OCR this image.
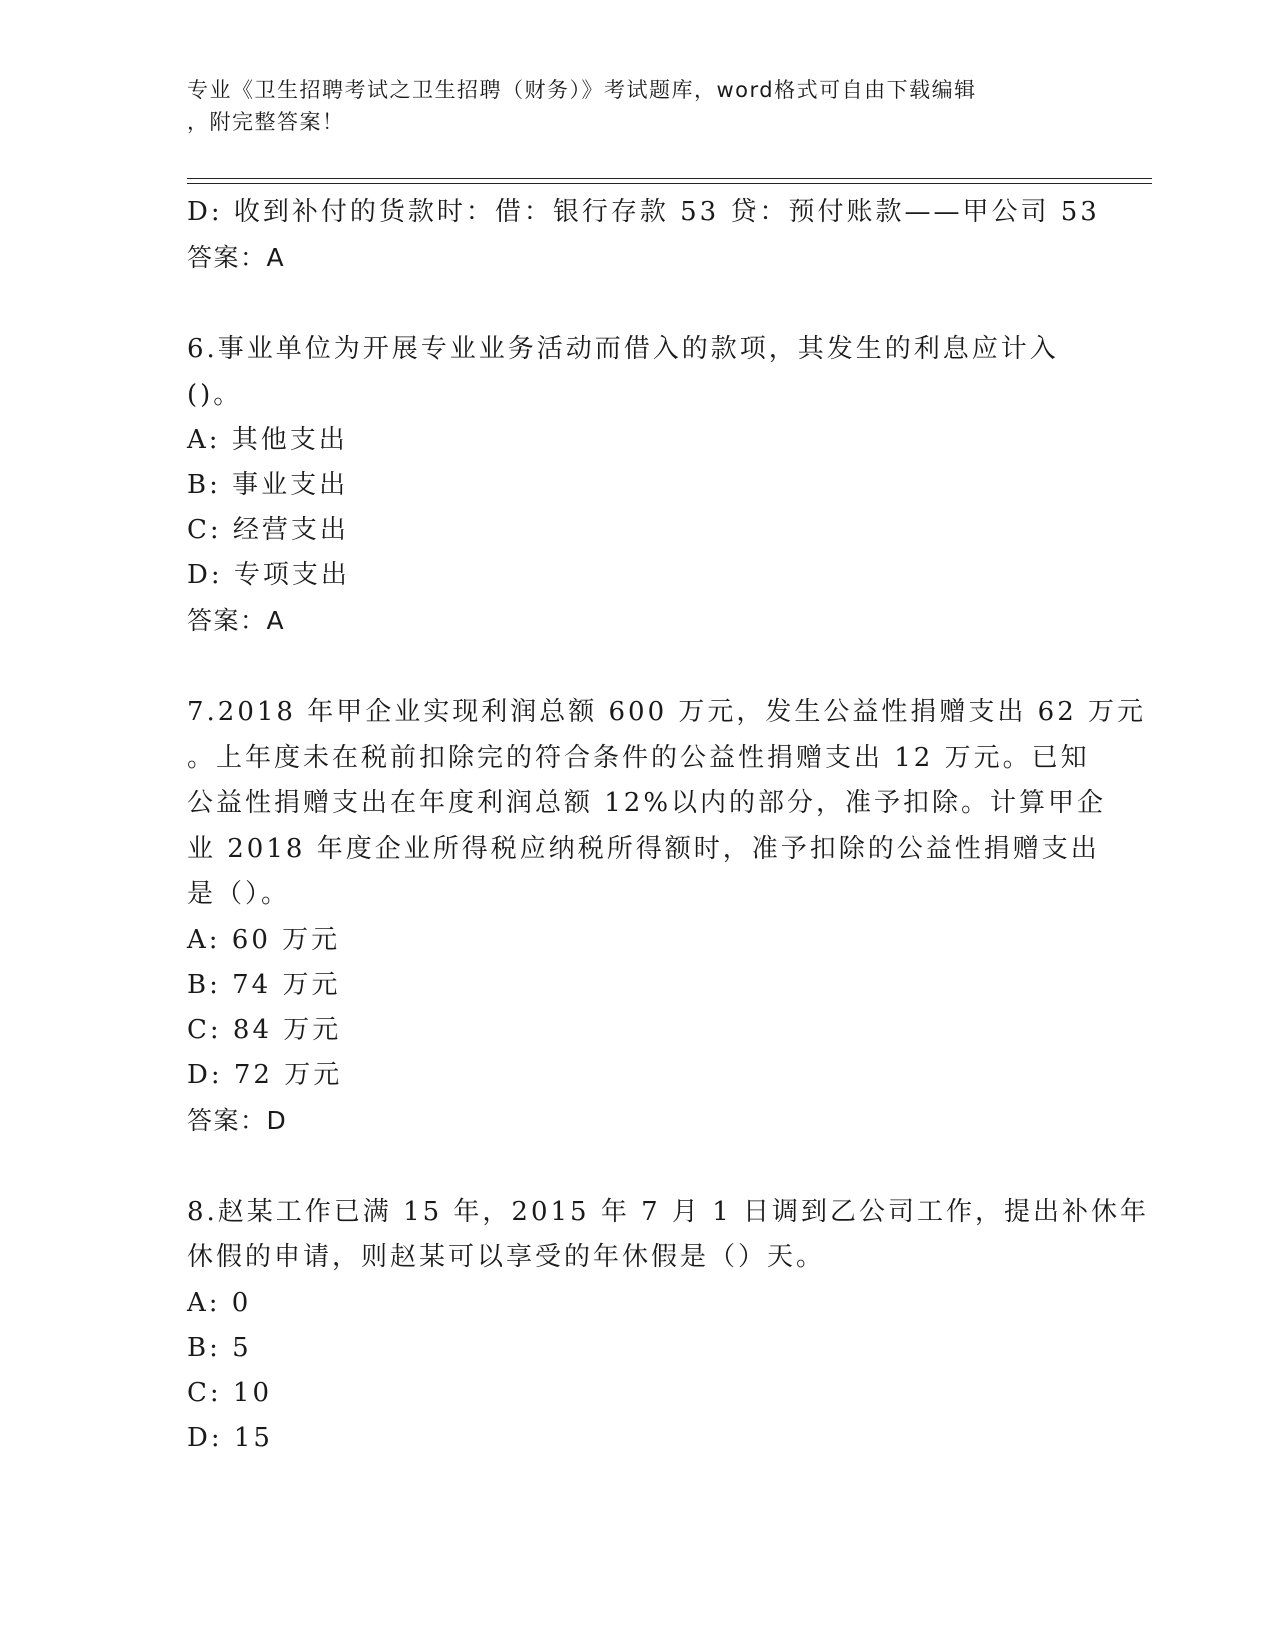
专业《卫生招聘考试之卫生招聘（财务）》考试题库，word格式可自由下载编辑
，附完整答案！
D: 收到补付的货款时：借：银行存款 53 贷：预付账款——甲公司 53
答案：A
6.事业单位为开展专业业务活动而借入的款项，其发生的利息应计入
()。
A: 其他支出
B: 事业支出
C: 经营支出
D: 专项支出
答案：A
7.2018 年甲企业实现利润总额 600 万元，发生公益性捐赠支出 62 万元
。上年度未在税前扣除完的符合条件的公益性捐赠支出 12 万元。已知
公益性捐赠支出在年度利润总额 12%以内的部分，准予扣除。计算甲企
业 2018 年度企业所得税应纳税所得额时，准予扣除的公益性捐赠支出
是（）。
A: 60 万元
B: 74 万元
C: 84 万元
D: 72 万元
答案：D
8.赵某工作已满 15 年，2015 年 7 月 1 日调到乙公司工作，提出补休年
休假的申请，则赵某可以享受的年休假是（）天。
A: 0
B: 5
C: 10
D: 15
